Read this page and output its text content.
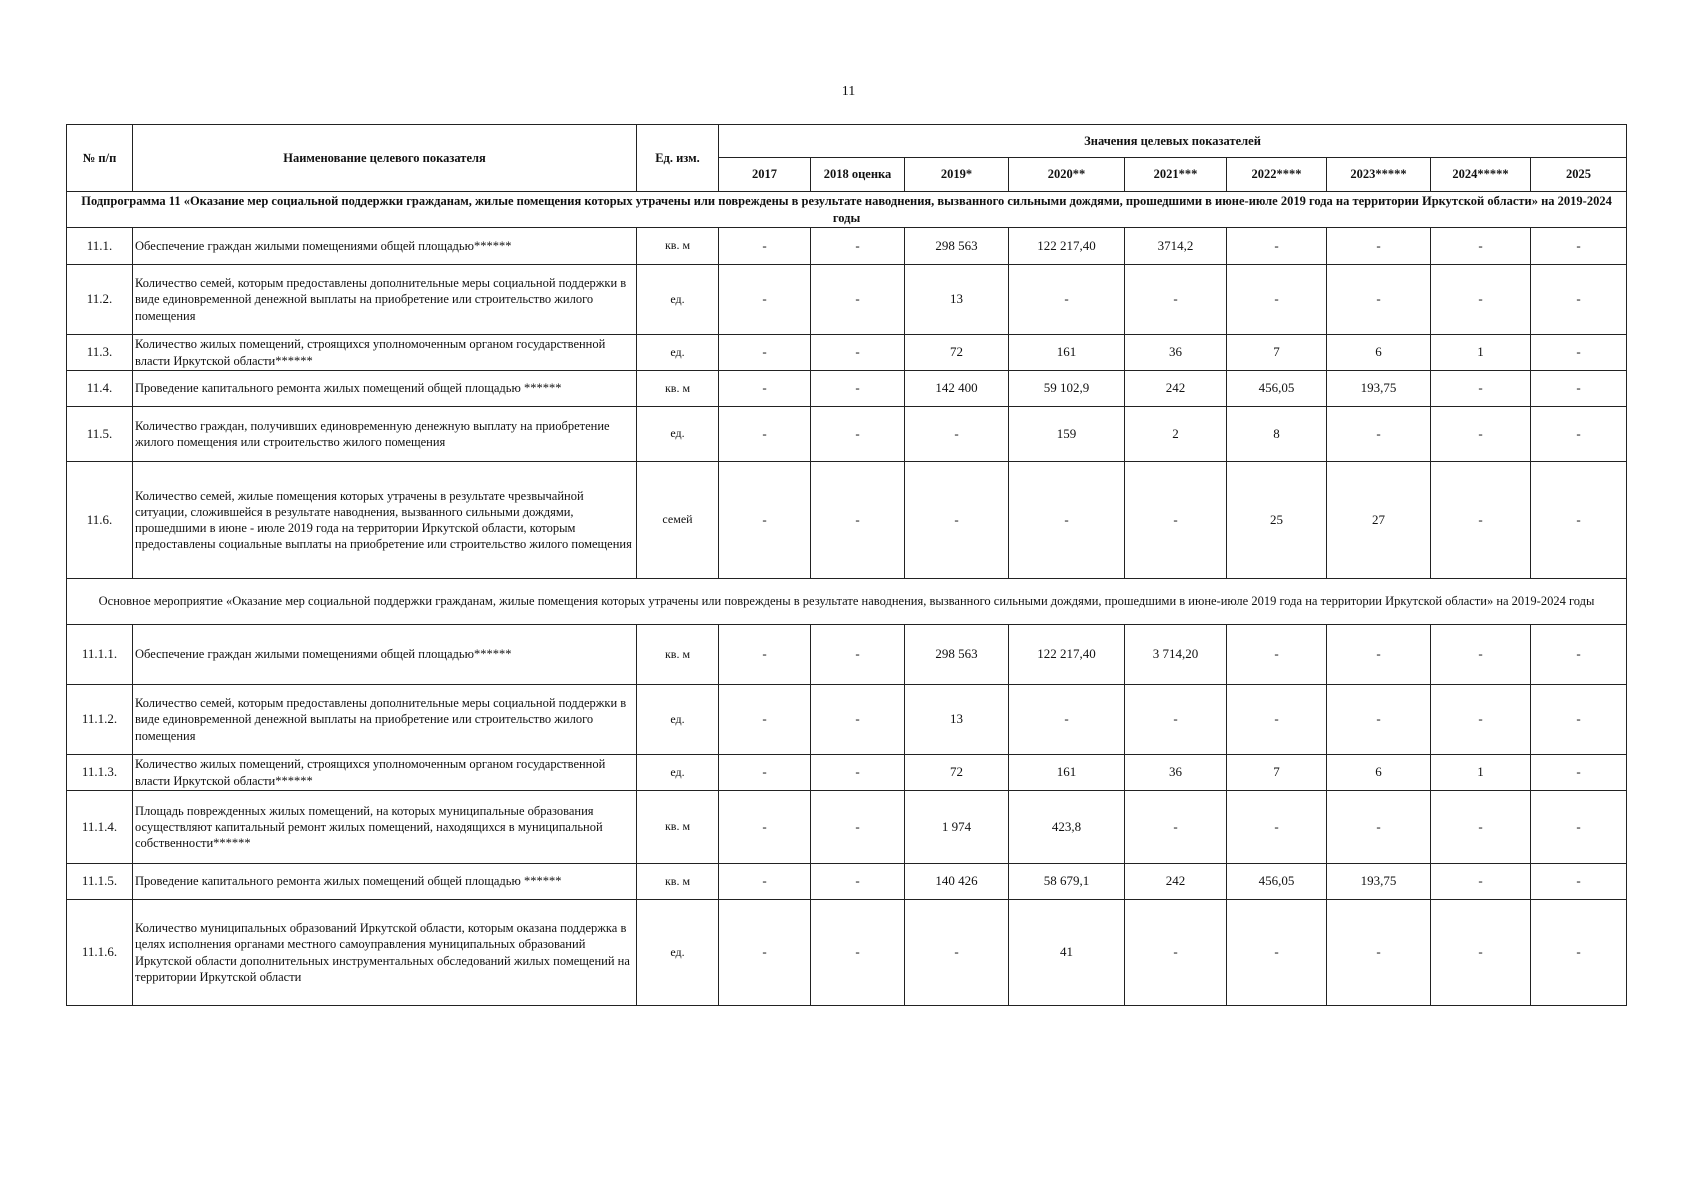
11
№ п/п	Наименование целевого показателя	Ед. изм.	Значения целевых показателей								
			2017	2018 оценка	2019*	2020**	2021***	2022****	2023*****	2024*****	2025
Подпрограмма 11 «Оказание мер социальной поддержки гражданам, жилые помещения которых утрачены или повреждены в результате наводнения, вызванного сильными дождями, прошедшими в июне-июле 2019 года на территории Иркутской области» на 2019-2024 годы											
11.1.	Обеспечение граждан жилыми помещениями общей площадью******	кв. м	-	-	298 563	122 217,40	3714,2	-	-	-	-
11.2.	Количество семей, которым предоставлены дополнительные меры социальной поддержки в виде единовременной денежной выплаты на приобретение или строительство жилого помещения	ед.	-	-	13	-	-	-	-	-	-
11.3.	Количество жилых помещений, строящихся уполномоченным органом государственной власти Иркутской области******	ед.	-	-	72	161	36	7	6	1	-
11.4.	Проведение капитального ремонта жилых помещений общей площадью ******	кв. м	-	-	142 400	59 102,9	242	456,05	193,75	-	-
11.5.	Количество граждан, получивших единовременную денежную выплату на приобретение жилого помещения или строительство жилого помещения	ед.	-	-	-	159	2	8	-	-	-
11.6.	Количество семей, жилые помещения которых утрачены в результате чрезвычайной ситуации, сложившейся в результате наводнения, вызванного сильными дождями, прошедшими в июне - июле 2019 года на территории Иркутской области, которым предоставлены социальные выплаты на приобретение или строительство жилого помещения	семей	-	-	-	-	-	25	27	-	-
Основное мероприятие «Оказание мер социальной поддержки гражданам, жилые помещения которых утрачены или повреждены в результате наводнения, вызванного сильными дождями, прошедшими в июне-июле 2019 года на территории Иркутской области» на 2019-2024 годы											
11.1.1.	Обеспечение граждан жилыми помещениями общей площадью******	кв. м	-	-	298 563	122 217,40	3 714,20	-	-	-	-
11.1.2.	Количество семей, которым предоставлены дополнительные меры социальной поддержки в виде единовременной денежной выплаты на приобретение или строительство жилого помещения	ед.	-	-	13	-	-	-	-	-	-
11.1.3.	Количество жилых помещений, строящихся уполномоченным органом государственной власти Иркутской области******	ед.	-	-	72	161	36	7	6	1	-
11.1.4.	Площадь поврежденных жилых помещений, на которых муниципальные образования осуществляют капитальный ремонт жилых помещений, находящихся в муниципальной собственности******	кв. м	-	-	1 974	423,8	-	-	-	-	-
11.1.5.	Проведение капитального ремонта жилых помещений общей площадью ******	кв. м	-	-	140 426	58 679,1	242	456,05	193,75	-	-
11.1.6.	Количество муниципальных образований Иркутской области, которым оказана поддержка в целях исполнения органами местного самоуправления муниципальных образований Иркутской области дополнительных инструментальных обследований жилых помещений на территории Иркутской области	ед.	-	-	-	41	-	-	-	-	-
